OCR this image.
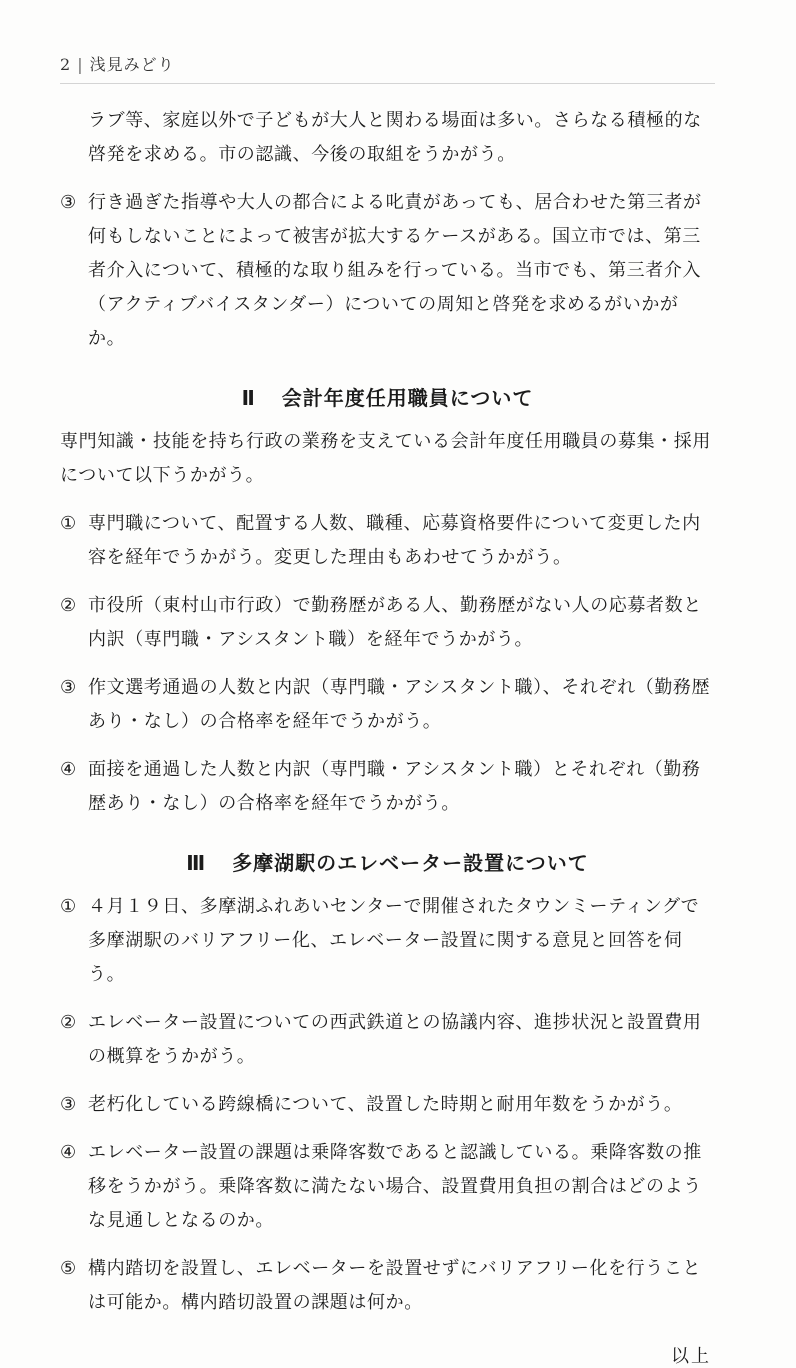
2 | 浅見みどり

ラブ等、家庭以外で子どもが大人と関わる場面は多い。さらなる積極的な啓発を求める。市の認識、今後の取組をうかがう。

③ 行き過ぎた指導や大人の都合による叱責があっても、居合わせた第三者が何もしないことによって被害が拡大するケースがある。国立市では、第三者介入について、積極的な取り組みを行っている。当市でも、第三者介入（アクティブバイスタンダー）についての周知と啓発を求めるがいかがか。
Ⅱ 会計年度任用職員について

専門知識・技能を持ち行政の業務を支えている会計年度任用職員の募集・採用について以下うかがう。

① 専門職について、配置する人数、職種、応募資格要件について変更した内容を経年でうかがう。変更した理由もあわせてうかがう。
② 市役所（東村山市行政）で勤務歴がある人、勤務歴がない人の応募者数と内訳（専門職・アシスタント職）を経年でうかがう。
③ 作文選考通過の人数と内訳（専門職・アシスタント職）、それぞれ（勤務歴あり・なし）の合格率を経年でうかがう。
④ 面接を通過した人数と内訳（専門職・アシスタント職）とそれぞれ（勤務歴あり・なし）の合格率を経年でうかがう。
Ⅲ 多摩湖駅のエレベーター設置について
① ４月１９日、多摩湖ふれあいセンターで開催されたタウンミーティングで多摩湖駅のバリアフリー化、エレベーター設置に関する意見と回答を伺う。
② エレベーター設置についての西武鉄道との協議内容、進捗状況と設置費用の概算をうかがう。
③ 老朽化している跨線橋について、設置した時期と耐用年数をうかがう。
④ エレベーター設置の課題は乗降客数であると認識している。乗降客数の推移をうかがう。乗降客数に満たない場合、設置費用負担の割合はどのような見通しとなるのか。
⑤ 構内踏切を設置し、エレベーターを設置せずにバリアフリー化を行うことは可能か。構内踏切設置の課題は何か。
以上
